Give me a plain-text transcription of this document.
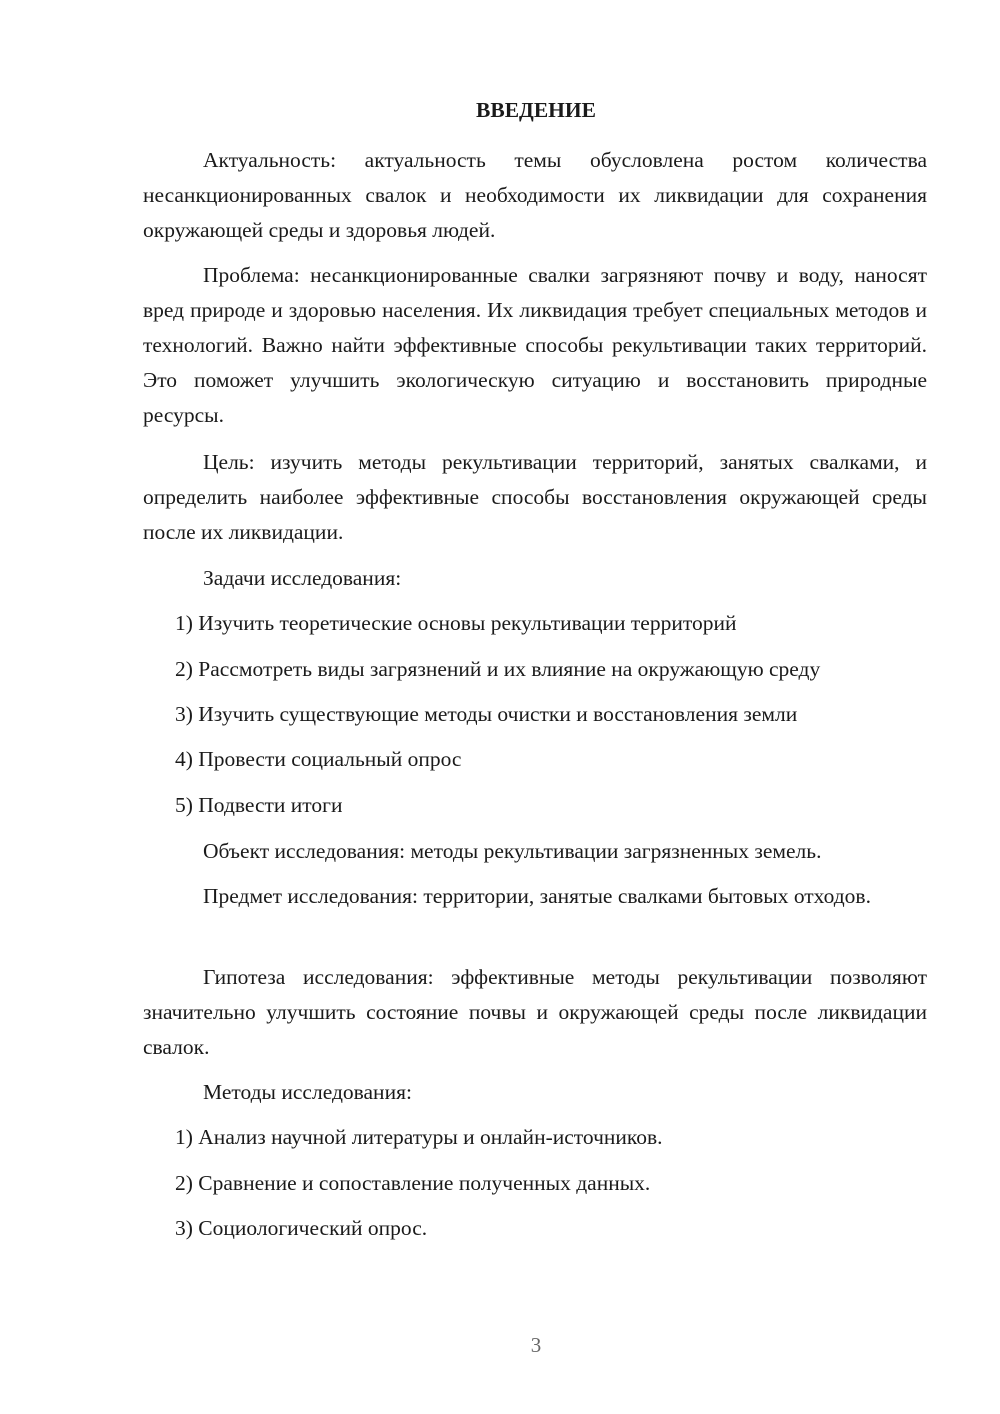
ВВЕДЕНИЕ

Актуальность: актуальность темы обусловлена ростом количества несанкционированных свалок и необходимости их ликвидации для сохранения окружающей среды и здоровья людей.

Проблема: несанкционированные свалки загрязняют почву и воду, наносят вред природе и здоровью населения. Их ликвидация требует специальных методов и технологий. Важно найти эффективные способы рекультивации таких территорий. Это поможет улучшить экологическую ситуацию и восстановить природные ресурсы.

Цель: изучить методы рекультивации территорий, занятых свалками, и определить наиболее эффективные способы восстановления окружающей среды после их ликвидации.

Задачи исследования:

1) Изучить теоретические основы рекультивации территорий

2) Рассмотреть виды загрязнений и их влияние на окружающую среду

3) Изучить существующие методы очистки и восстановления земли

4) Провести социальный опрос

5) Подвести итоги

Объект исследования: методы рекультивации загрязненных земель.

Предмет исследования: территории, занятые свалками бытовых отходов.

Гипотеза исследования: эффективные методы рекультивации позволяют значительно улучшить состояние почвы и окружающей среды после ликвидации свалок.

Методы исследования:

1) Анализ научной литературы и онлайн-источников.

2) Сравнение и сопоставление полученных данных.

3) Социологический опрос.

3
